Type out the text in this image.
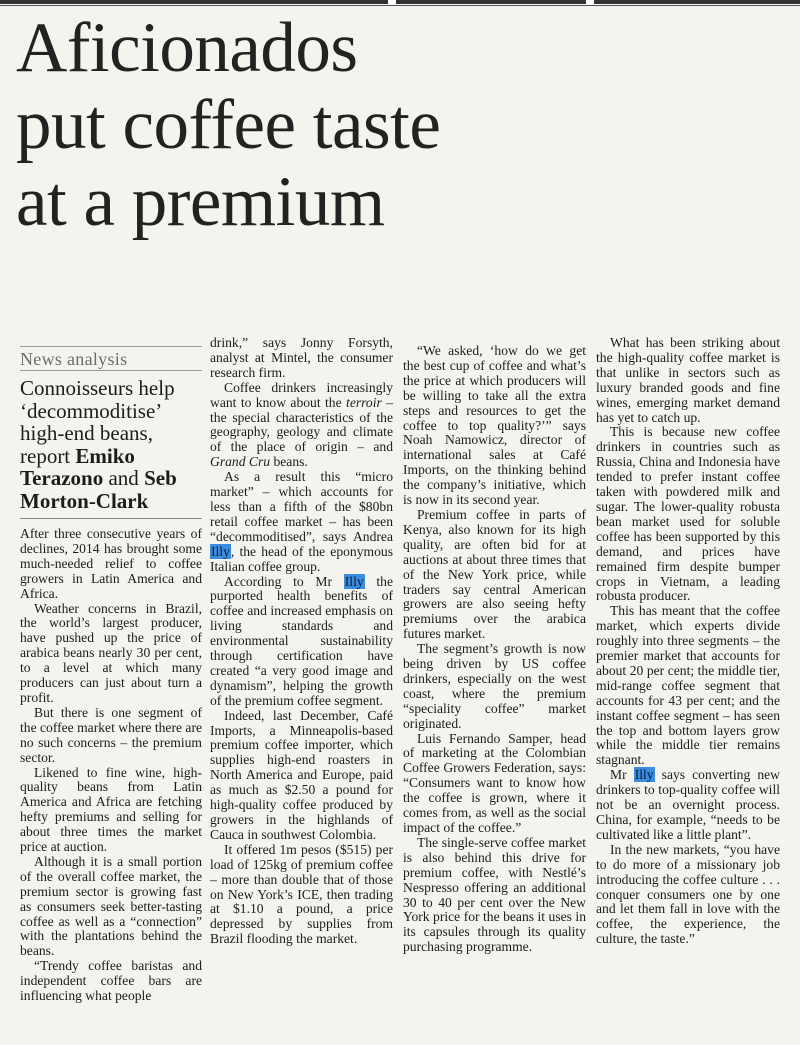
Aficionados put coffee taste at a premium
News analysis
Connoisseurs help ‘decommoditise’ high-end beans, report Emiko Terazono and Seb Morton-Clark

After three consecutive years of declines, 2014 has brought some much-needed relief to coffee growers in Latin America and Africa.

Weather concerns in Brazil, the world’s largest producer, have pushed up the price of arabica beans nearly 30 per cent, to a level at which many producers can just about turn a profit.

But there is one segment of the coffee market where there are no such concerns – the premium sector.

Likened to fine wine, high-quality beans from Latin America and Africa are fetching hefty premiums and selling for about three times the market price at auction.

Although it is a small portion of the overall coffee market, the premium sector is growing fast as consumers seek better-tasting coffee as well as a “connection” with the plantations behind the beans.

“Trendy coffee baristas and independent coffee bars are influencing what people

drink,” says Jonny Forsyth, analyst at Mintel, the consumer research firm.

Coffee drinkers increasingly want to know about the terroir – the special characteristics of the geography, geology and climate of the place of origin – and Grand Cru beans.

As a result this “micro market” – which accounts for less than a fifth of the $80bn retail coffee market – has been “decommoditised”, says Andrea Illy, the head of the eponymous Italian coffee group.

According to Mr Illy the purported health benefits of coffee and increased emphasis on living standards and environmental sustainability through certification have created “a very good image and dynamism”, helping the growth of the premium coffee segment.

Indeed, last December, Café Imports, a Minneapolis-based premium coffee importer, which supplies high-end roasters in North America and Europe, paid as much as $2.50 a pound for high-quality coffee produced by growers in the highlands of Cauca in southwest Colombia.

It offered 1m pesos ($515) per load of 125kg of premium coffee – more than double that of those on New York’s ICE, then trading at $1.10 a pound, a price depressed by supplies from Brazil flooding the market.

“We asked, ‘how do we get the best cup of coffee and what’s the price at which producers will be willing to take all the extra steps and resources to get the coffee to top quality?’” says Noah Namowicz, director of international sales at Café Imports, on the thinking behind the company’s initiative, which is now in its second year.

Premium coffee in parts of Kenya, also known for its high quality, are often bid for at auctions at about three times that of the New York price, while traders say central American growers are also seeing hefty premiums over the arabica futures market.

The segment’s growth is now being driven by US coffee drinkers, especially on the west coast, where the premium “speciality coffee” market originated.

Luis Fernando Samper, head of marketing at the Colombian Coffee Growers Federation, says: “Consumers want to know how the coffee is grown, where it comes from, as well as the social impact of the coffee.”

The single-serve coffee market is also behind this drive for premium coffee, with Nestlé’s Nespresso offering an additional 30 to 40 per cent over the New York price for the beans it uses in its capsules through its quality purchasing programme.

What has been striking about the high-quality coffee market is that unlike in sectors such as luxury branded goods and fine wines, emerging market demand has yet to catch up.

This is because new coffee drinkers in countries such as Russia, China and Indonesia have tended to prefer instant coffee taken with powdered milk and sugar. The lower-quality robusta bean market used for soluble coffee has been supported by this demand, and prices have remained firm despite bumper crops in Vietnam, a leading robusta producer.

This has meant that the coffee market, which experts divide roughly into three segments – the premier market that accounts for about 20 per cent; the middle tier, mid-range coffee segment that accounts for 43 per cent; and the instant coffee segment – has seen the top and bottom layers grow while the middle tier remains stagnant.

Mr Illy says converting new drinkers to top-quality coffee will not be an overnight process. China, for example, “needs to be cultivated like a little plant”.

In the new markets, “you have to do more of a missionary job introducing the coffee culture . . . conquer consumers one by one and let them fall in love with the coffee, the experience, the culture, the taste.”
